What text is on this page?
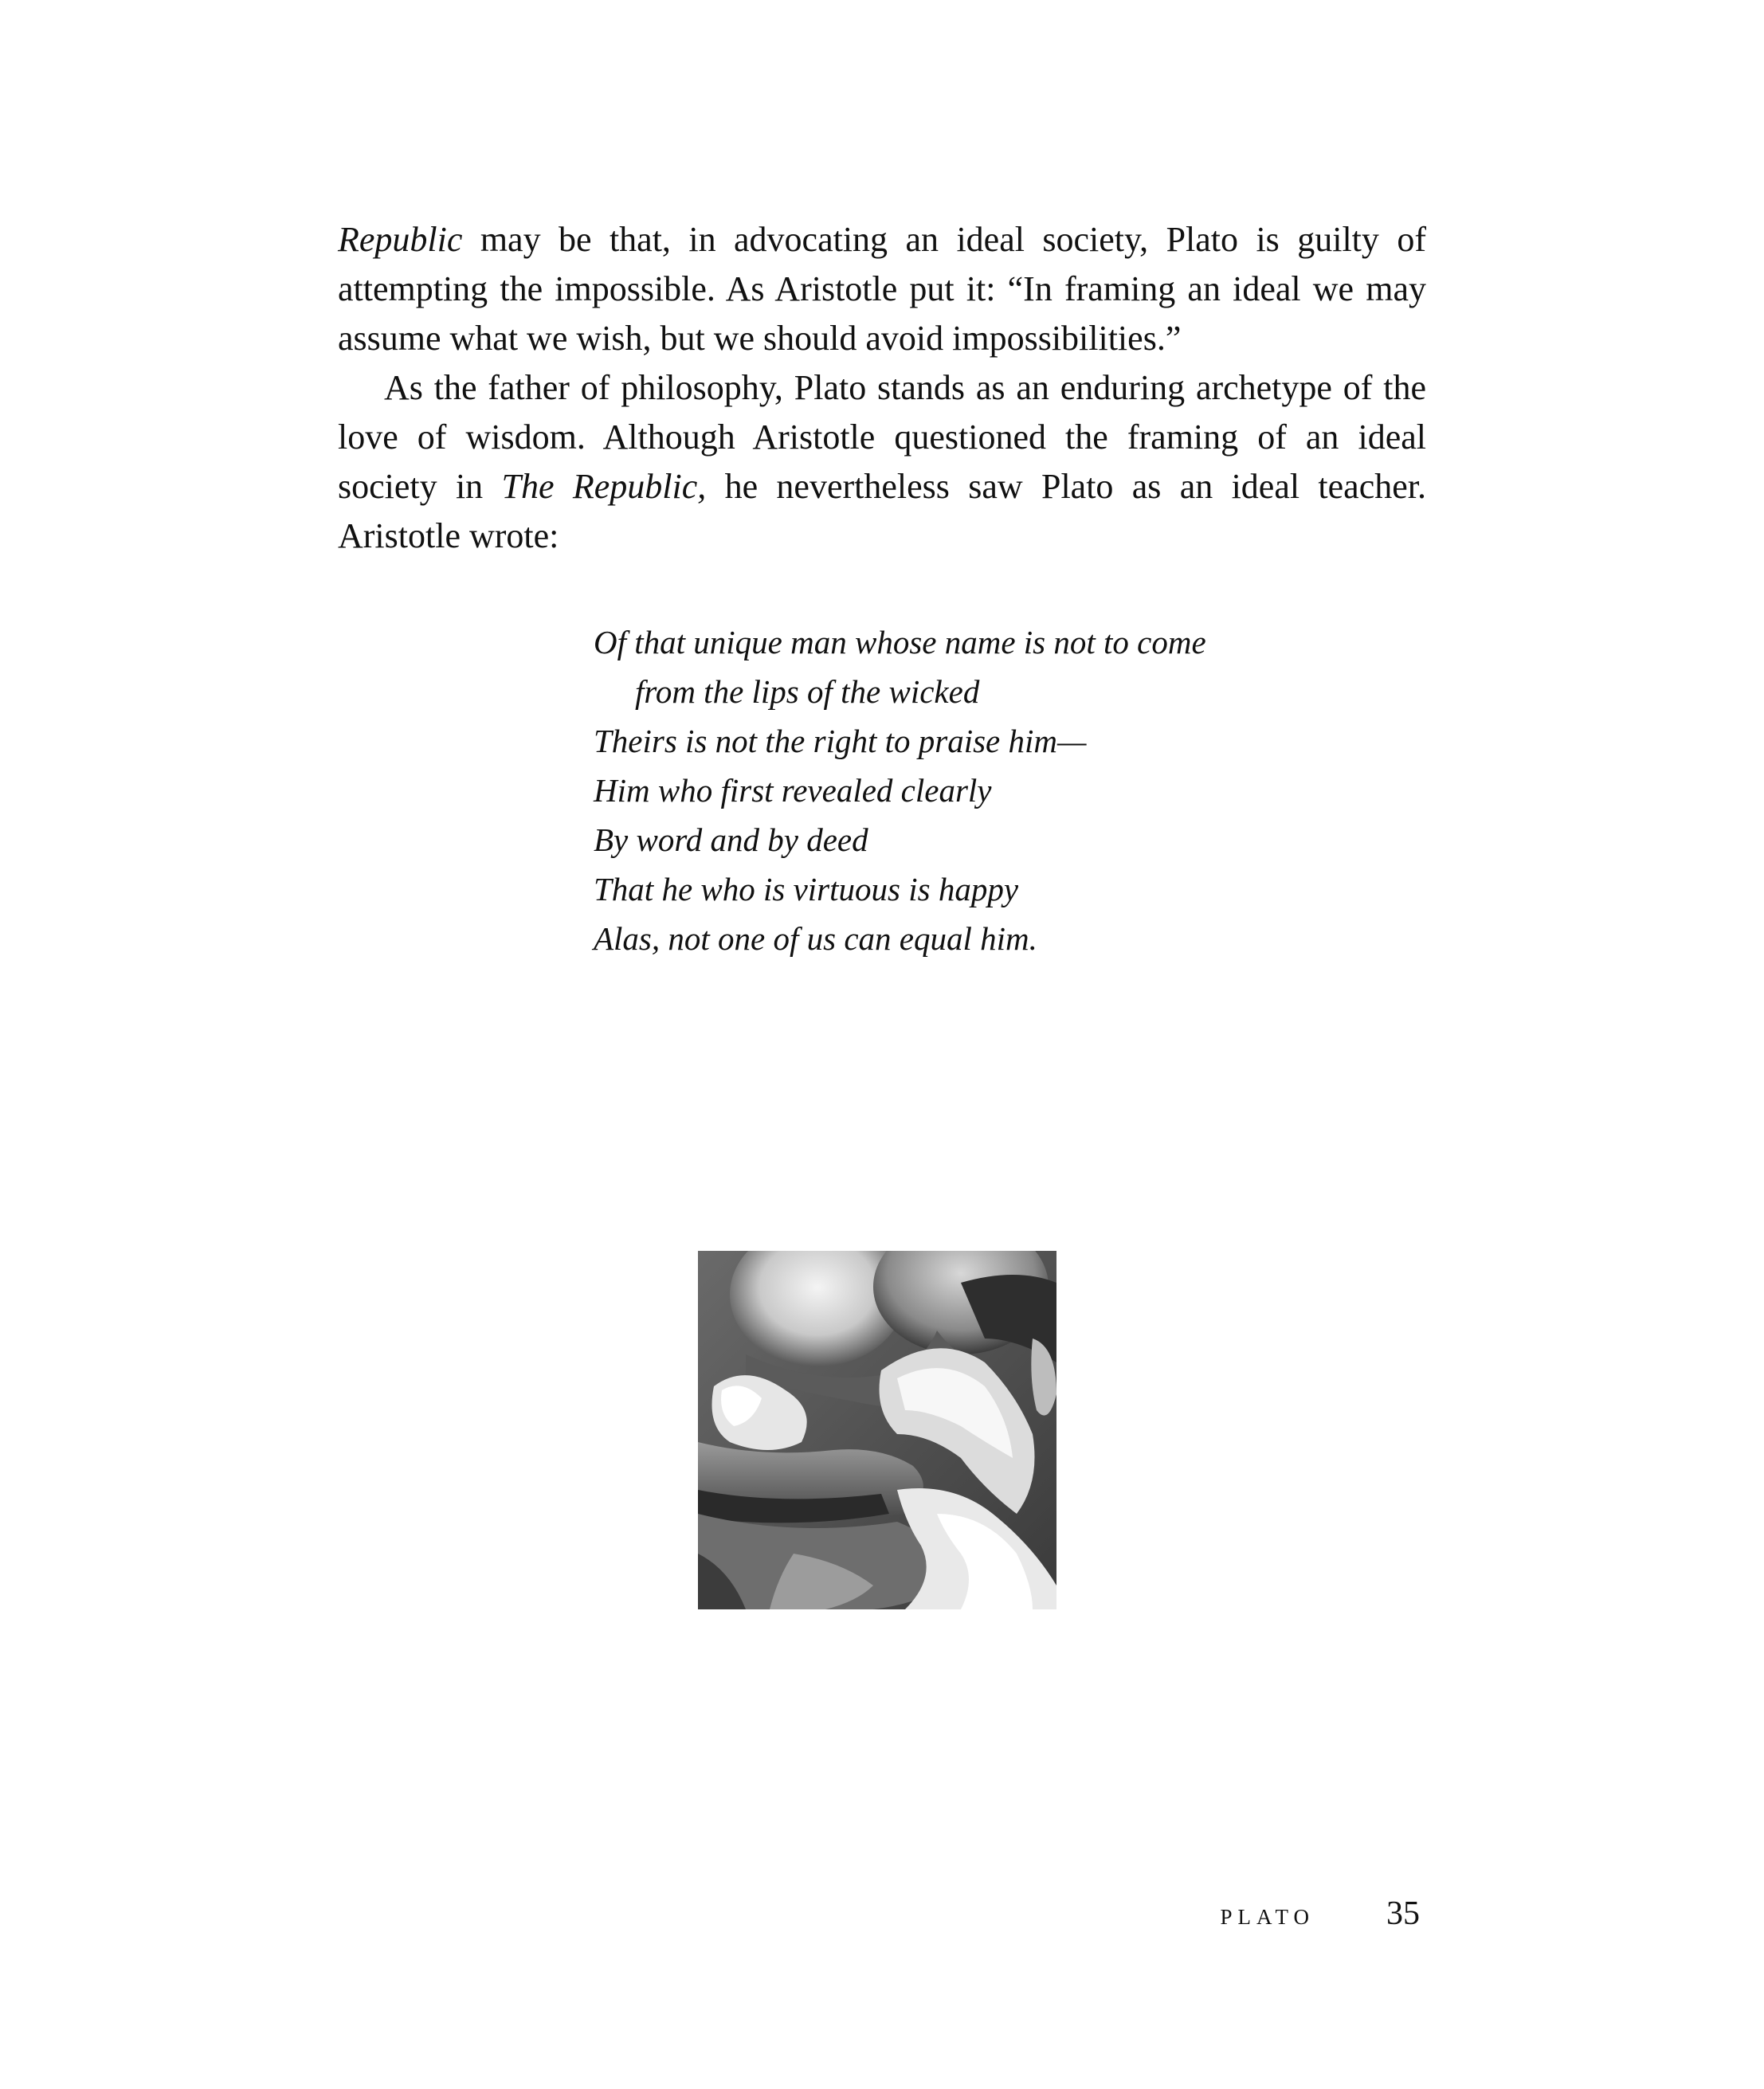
Republic may be that, in advocating an ideal society, Plato is guilty of attempting the impossible. As Aristotle put it: “In framing an ideal we may assume what we wish, but we should avoid impossibilities.”

As the father of philosophy, Plato stands as an enduring archetype of the love of wisdom. Although Aristotle questioned the framing of an ideal society in The Republic, he nevertheless saw Plato as an ideal teacher. Aristotle wrote:

Of that unique man whose name is not to come
from the lips of the wicked
Theirs is not the right to praise him—
Him who first revealed clearly
By word and by deed
That he who is virtuous is happy
Alas, not one of us can equal him.
PLATO 35
